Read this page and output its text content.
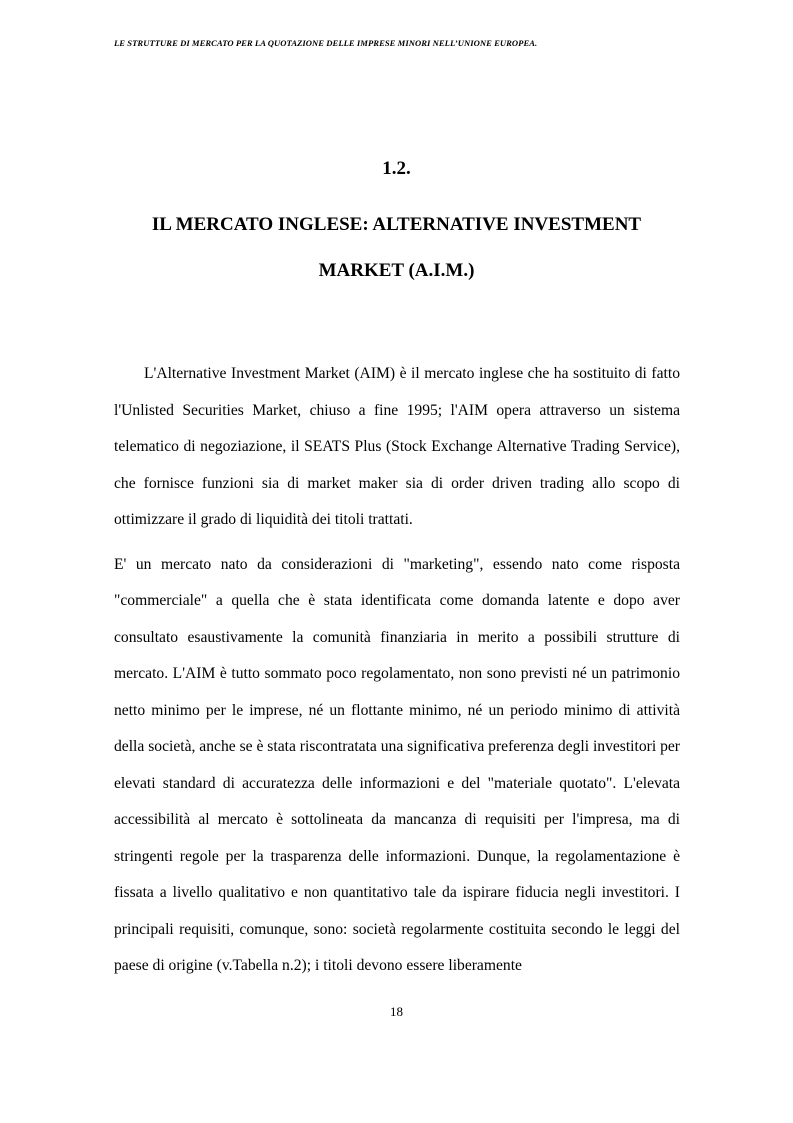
LE STRUTTURE DI MERCATO PER LA QUOTAZIONE DELLE IMPRESE MINORI NELL’UNIONE EUROPEA.
1.2.
IL MERCATO INGLESE: ALTERNATIVE INVESTMENT
MARKET (A.I.M.)

L'Alternative Investment Market (AIM) è il mercato inglese che ha sostituito di fatto l'Unlisted Securities Market, chiuso a fine 1995; l'AIM opera attraverso un sistema telematico di negoziazione, il SEATS Plus (Stock Exchange Alternative Trading Service), che fornisce funzioni sia di market maker sia di order driven trading allo scopo di ottimizzare il grado di liquidità dei titoli trattati.

E' un mercato nato da considerazioni di "marketing", essendo nato come risposta "commerciale" a quella che è stata identificata come domanda latente e dopo aver consultato esaustivamente la comunità finanziaria in merito a possibili strutture di mercato. L'AIM è tutto sommato poco regolamentato, non sono previsti né un patrimonio netto minimo per le imprese, né un flottante minimo, né un periodo minimo di attività della società, anche se è stata riscontratata una significativa preferenza degli investitori per elevati standard di accuratezza delle informazioni e del "materiale quotato". L'elevata accessibilità al mercato è sottolineata da mancanza di requisiti per l'impresa, ma di stringenti regole per la trasparenza delle informazioni. Dunque, la regolamentazione è fissata a livello qualitativo e non quantitativo tale da ispirare fiducia negli investitori. I principali requisiti, comunque, sono: società regolarmente costituita secondo le leggi del paese di origine (v.Tabella n.2); i titoli devono essere liberamente

18
